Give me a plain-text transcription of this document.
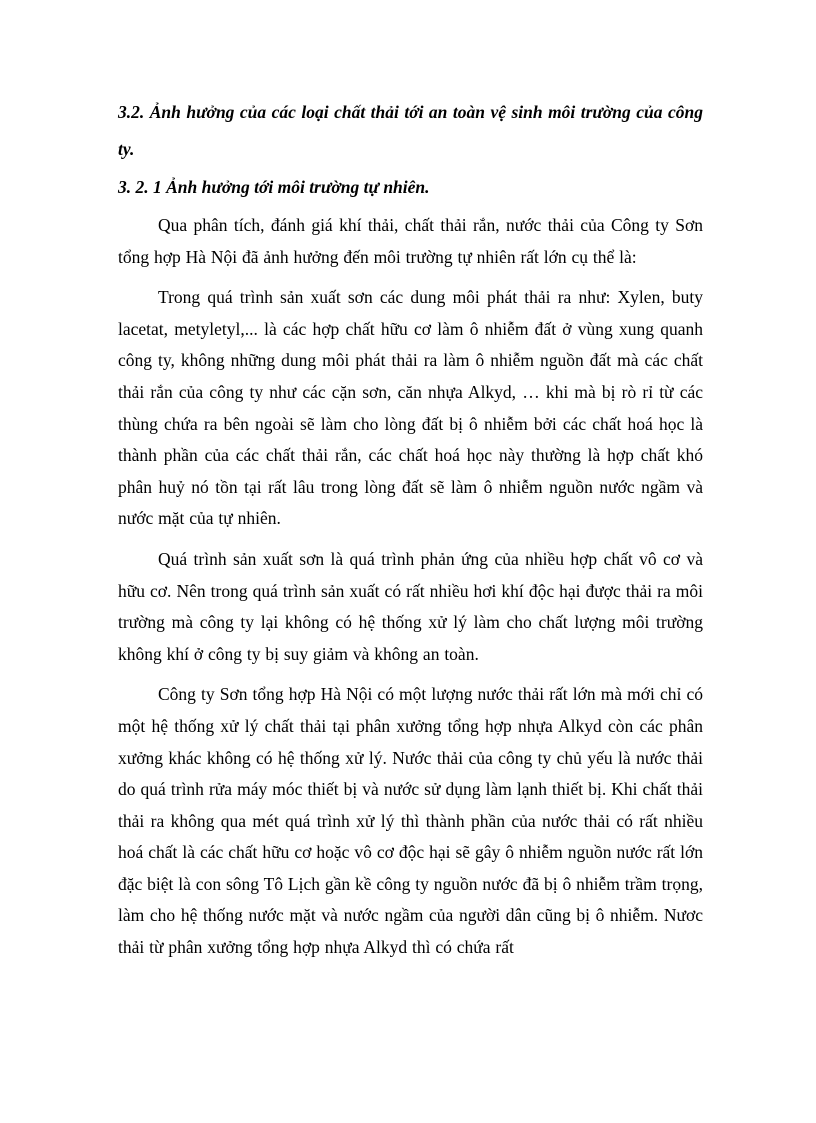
3.2. Ảnh hưởng của các loại chất thải tới an toàn vệ sinh môi trường của công ty.
3. 2. 1 Ảnh hưởng tới môi trường tự nhiên.

Qua phân tích, đánh giá khí thải, chất thải rắn, nước thải của Công ty Sơn tổng hợp Hà Nội đã ảnh hưởng đến môi trường tự nhiên rất lớn cụ thể là:

Trong quá trình sản xuất sơn các dung môi phát thải ra như: Xylen, buty lacetat, metyletyl,... là các hợp chất hữu cơ làm ô nhiễm đất ở vùng xung quanh công ty, không những dung môi phát thải ra làm ô nhiễm nguồn đất mà các chất thải rắn của công ty như các cặn sơn, căn nhựa Alkyd, … khi mà bị rò rỉ từ các thùng chứa ra bên ngoài sẽ làm cho lòng đất bị ô nhiễm bởi các chất hoá học là thành phần của các chất thải rắn, các chất hoá học này thường là hợp chất khó phân huỷ nó tồn tại rất lâu trong lòng đất sẽ làm ô nhiễm nguồn nước ngầm và nước mặt của tự nhiên.

Quá trình sản xuất sơn là quá trình phản ứng của nhiều hợp chất vô cơ và hữu cơ. Nên trong quá trình sản xuất có rất nhiều hơi khí độc hại được thải ra môi trường mà công ty lại không có hệ thống xử lý làm cho chất lượng môi trường không khí ở công ty bị suy giảm và không an toàn.

Công ty Sơn tổng hợp Hà Nội có một lượng nước thải rất lớn mà mới chỉ có một hệ thống xử lý chất thải tại phân xưởng tổng hợp nhựa Alkyd còn các phân xưởng khác không có hệ thống xử lý. Nước thải của công ty chủ yếu là nước thải do quá trình rửa máy móc thiết bị và nước sử dụng làm lạnh thiết bị. Khi chất thải thải ra không qua mét quá trình xử lý thì thành phần của nước thải có rất nhiều hoá chất là các chất hữu cơ hoặc vô cơ độc hại sẽ gây ô nhiễm nguồn nước rất lớn đặc biệt là con sông Tô Lịch gần kề công ty nguồn nước đã bị ô nhiễm trầm trọng, làm cho hệ thống nước mặt và nước ngầm của người dân cũng bị ô nhiễm. Nươc thải từ phân xưởng tổng hợp nhựa Alkyd thì có chứa rất
